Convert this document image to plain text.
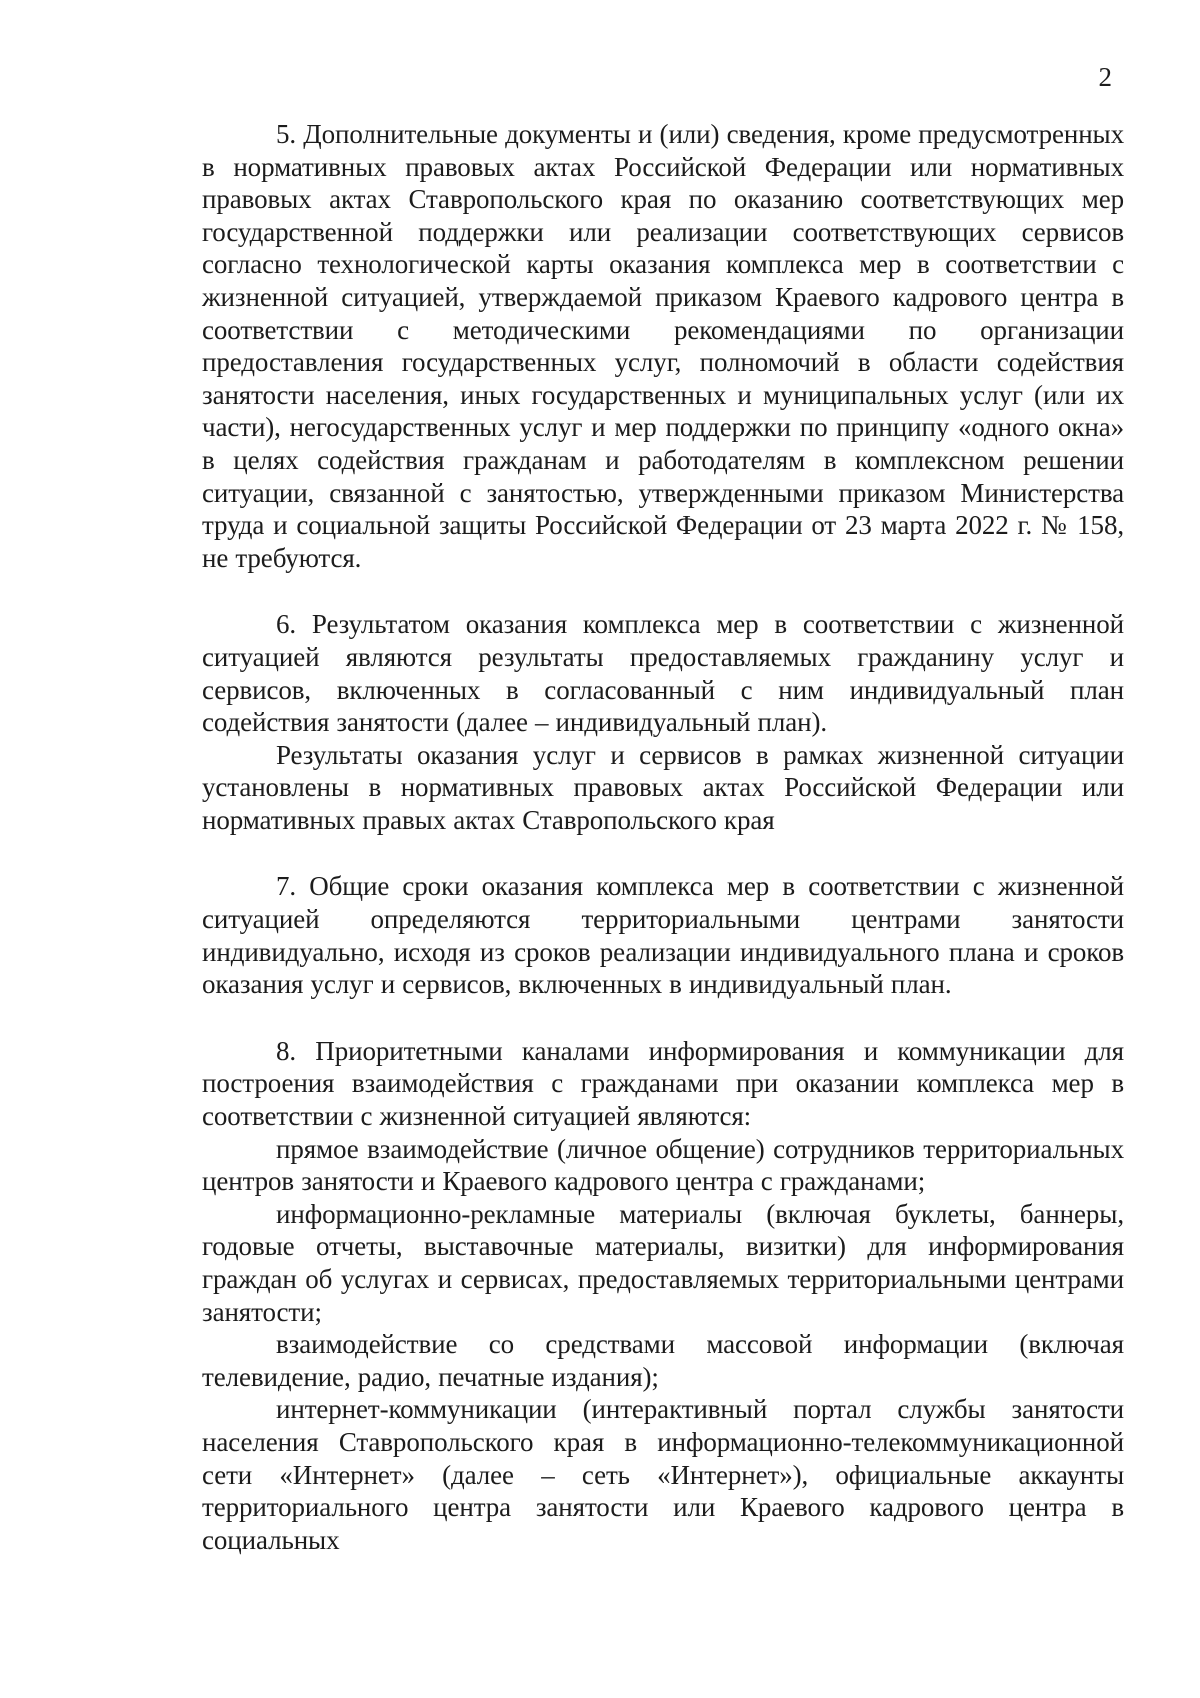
2

5. Дополнительные документы и (или) сведения, кроме предусмотренных в нормативных правовых актах Российской Федерации или нормативных правовых актах Ставропольского края по оказанию соответствующих мер государственной поддержки или реализации соответствующих сервисов согласно технологической карты оказания комплекса мер в соответствии с жизненной ситуацией, утверждаемой приказом Краевого кадрового центра в соответствии с методическими рекомендациями по организации предоставления государственных услуг, полномочий в области содействия занятости населения, иных государственных и муниципальных услуг (или их части), негосударственных услуг и мер поддержки по принципу «одного окна» в целях содействия гражданам и работодателям в комплексном решении ситуации, связанной с занятостью, утвержденными приказом Министерства труда и социальной защиты Российской Федерации от 23 марта 2022 г. № 158, не требуются.

6. Результатом оказания комплекса мер в соответствии с жизненной ситуацией являются результаты предоставляемых гражданину услуг и сервисов, включенных в согласованный с ним индивидуальный план содействия занятости (далее – индивидуальный план).

Результаты оказания услуг и сервисов в рамках жизненной ситуации установлены в нормативных правовых актах Российской Федерации или нормативных правых актах Ставропольского края

7. Общие сроки оказания комплекса мер в соответствии с жизненной ситуацией определяются территориальными центрами занятости индивидуально, исходя из сроков реализации индивидуального плана и сроков оказания услуг и сервисов, включенных в индивидуальный план.

8. Приоритетными каналами информирования и коммуникации для построения взаимодействия с гражданами при оказании комплекса мер в соответствии с жизненной ситуацией являются:

прямое взаимодействие (личное общение) сотрудников территориальных центров занятости и Краевого кадрового центра с гражданами;

информационно-рекламные материалы (включая буклеты, баннеры, годовые отчеты, выставочные материалы, визитки) для информирования граждан об услугах и сервисах, предоставляемых территориальными центрами занятости;

взаимодействие со средствами массовой информации (включая телевидение, радио, печатные издания);

интернет-коммуникации (интерактивный портал службы занятости населения Ставропольского края в информационно-телекоммуникационной сети «Интернет» (далее – сеть «Интернет»), официальные аккаунты территориального центра занятости или Краевого кадрового центра в социальных
